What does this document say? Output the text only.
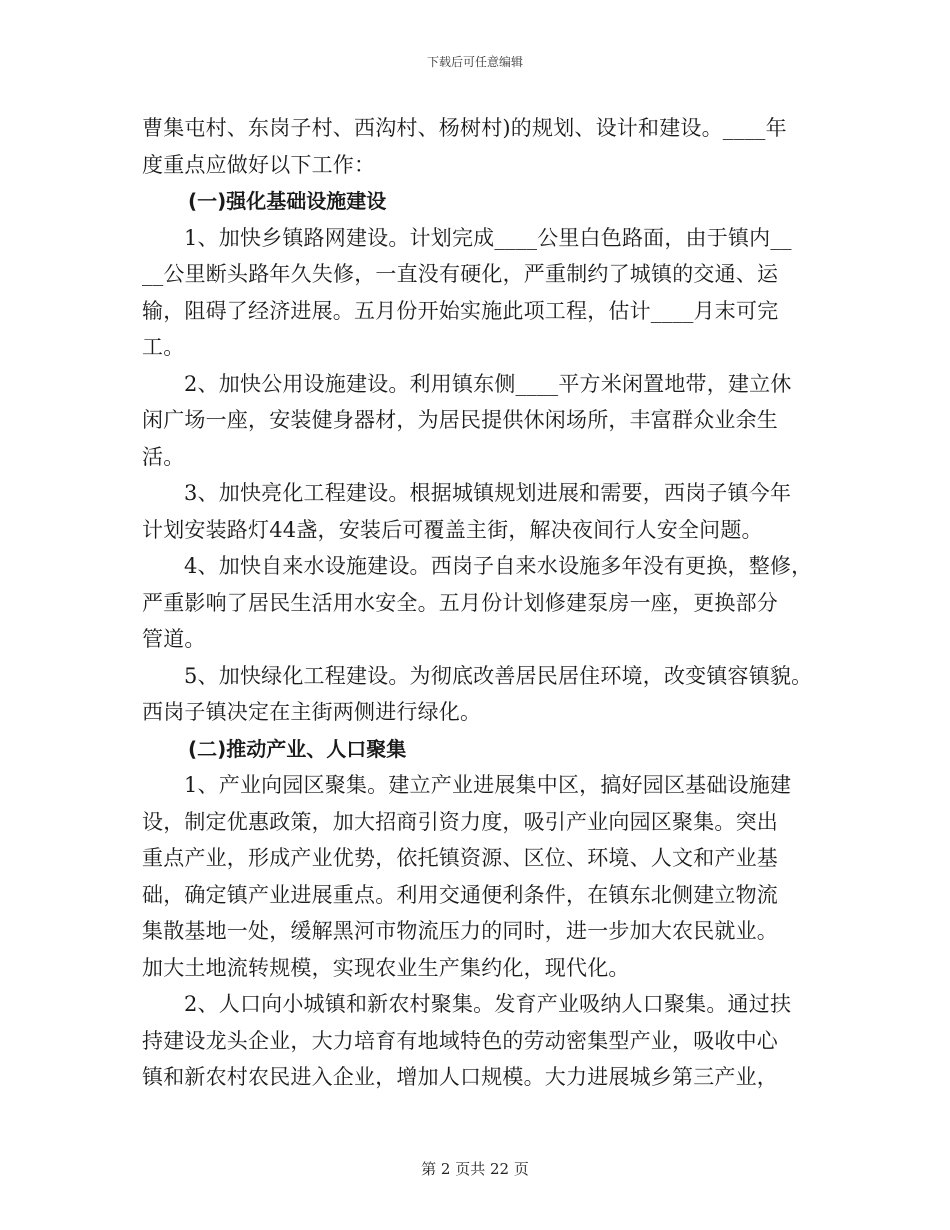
下载后可任意编辑

曹集屯村、东岗子村、西沟村、杨树村)的规划、设计和建设。____年
度重点应做好以下工作：

(一)强化基础设施建设

1、加快乡镇路网建设。计划完成____公里白色路面，由于镇内__
__公里断头路年久失修，一直没有硬化，严重制约了城镇的交通、运
输，阻碍了经济进展。五月份开始实施此项工程，估计____月末可完
工。

2、加快公用设施建设。利用镇东侧____平方米闲置地带，建立休
闲广场一座，安装健身器材，为居民提供休闲场所，丰富群众业余生
活。

3、加快亮化工程建设。根据城镇规划进展和需要，西岗子镇今年
计划安装路灯44盏，安装后可覆盖主街，解决夜间行人安全问题。

4、加快自来水设施建设。西岗子自来水设施多年没有更换，整修，
严重影响了居民生活用水安全。五月份计划修建泵房一座，更换部分
管道。

5、加快绿化工程建设。为彻底改善居民居住环境，改变镇容镇貌。
西岗子镇决定在主街两侧进行绿化。

(二)推动产业、人口聚集

1、产业向园区聚集。建立产业进展集中区，搞好园区基础设施建
设，制定优惠政策，加大招商引资力度，吸引产业向园区聚集。突出
重点产业，形成产业优势，依托镇资源、区位、环境、人文和产业基
础，确定镇产业进展重点。利用交通便利条件，在镇东北侧建立物流
集散基地一处，缓解黑河市物流压力的同时，进一步加大农民就业。
加大土地流转规模，实现农业生产集约化，现代化。

2、人口向小城镇和新农村聚集。发育产业吸纳人口聚集。通过扶
持建设龙头企业，大力培育有地域特色的劳动密集型产业，吸收中心
镇和新农村农民进入企业，增加人口规模。大力进展城乡第三产业，

第 2 页共 22 页
